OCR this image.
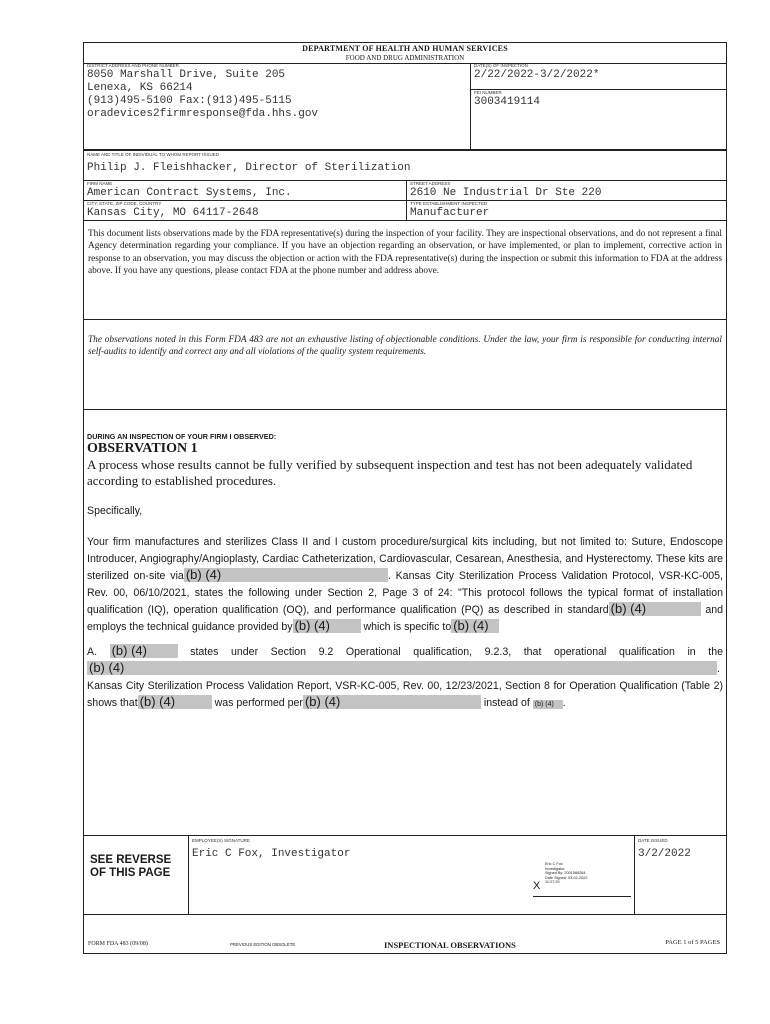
DEPARTMENT OF HEALTH AND HUMAN SERVICES
FOOD AND DRUG ADMINISTRATION
DISTRICT ADDRESS AND PHONE NUMBER
8050 Marshall Drive, Suite 205
Lenexa, KS 66214
(913)495-5100 Fax:(913)495-5115
oradevices2firmresponse@fda.hhs.gov
DATE(S) OF INSPECTION
2/22/2022-3/2/2022*
FEI NUMBER
3003419114
NAME AND TITLE OF INDIVIDUAL TO WHOM REPORT ISSUED
Philip J. Fleishhacker, Director of Sterilization
FIRM NAME
American Contract Systems, Inc.
STREET ADDRESS
2610 Ne Industrial Dr Ste 220
CITY, STATE, ZIP CODE, COUNTRY
Kansas City, MO 64117-2648
TYPE ESTABLISHMENT INSPECTED
Manufacturer
This document lists observations made by the FDA representative(s) during the inspection of your facility. They are inspectional observations, and do not represent a final Agency determination regarding your compliance. If you have an objection regarding an observation, or have implemented, or plan to implement, corrective action in response to an observation, you may discuss the objection or action with the FDA representative(s) during the inspection or submit this information to FDA at the address above. If you have any questions, please contact FDA at the phone number and address above.
The observations noted in this Form FDA 483 are not an exhaustive listing of objectionable conditions. Under the law, your firm is responsible for conducting internal self-audits to identify and correct any and all violations of the quality system requirements.
DURING AN INSPECTION OF YOUR FIRM I OBSERVED:
OBSERVATION 1
A process whose results cannot be fully verified by subsequent inspection and test has not been adequately validated according to established procedures.
Specifically,
Your firm manufactures and sterilizes Class II and I custom procedure/surgical kits including, but not limited to: Suture, Endoscope Introducer, Angiography/Angioplasty, Cardiac Catheterization, Cardiovascular, Cesarean, Anesthesia, and Hysterectomy. These kits are sterilized on-site via (b) (4)	. Kansas City Sterilization Process Validation Protocol, VSR-KC-005, Rev. 00, 06/10/2021, states the following under Section 2, Page 3 of 24: "This protocol follows the typical format of installation qualification (IQ), operation qualification (OQ), and performance qualification (PQ) as described in standard (b) (4)	and employs the technical guidance provided by (b) (4)	which is specific to (b) (4)
A. (b) (4)	states under Section 9.2 Operational qualification, 9.2.3, that operational qualification in the(b) (4)	. Kansas City Sterilization Process Validation Report, VSR-KC-005, Rev. 00, 12/23/2021, Section 8 for Operation Qualification (Table 2) shows that (b) (4)	was performed per (b) (4)	instead of (b) (4) .
SEE REVERSE OF THIS PAGE
EMPLOYEE(S) SIGNATURE
Eric C Fox, Investigator
Eric C Fox
Investigator
Signed By: 2001566264
Date Signed: 03-02-2022
11:27:29
X
DATE ISSUED
3/2/2022
FORM FDA 483 (09/08)	PREVIOUS EDITION OBSOLETE	INSPECTIONAL OBSERVATIONS	PAGE 1 of 5 PAGES
